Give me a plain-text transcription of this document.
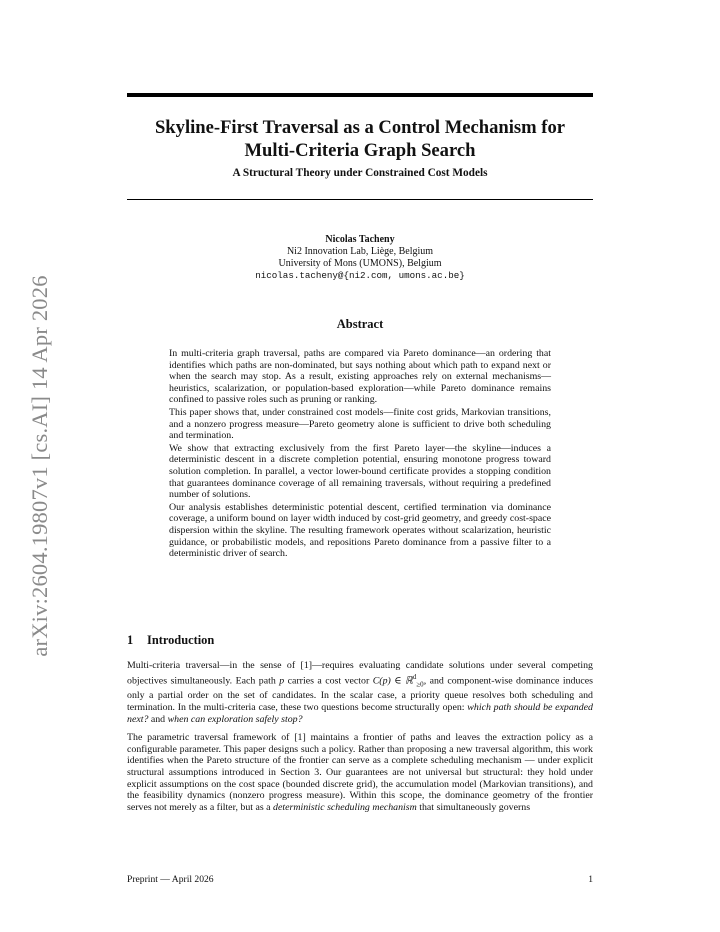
arXiv:2604.19807v1 [cs.AI] 14 Apr 2026
Skyline-First Traversal as a Control Mechanism for
Multi-Criteria Graph Search
A Structural Theory under Constrained Cost Models
Nicolas Tacheny
Ni2 Innovation Lab, Liège, Belgium
University of Mons (UMONS), Belgium
nicolas.tacheny@{ni2.com, umons.ac.be}
Abstract

In multi-criteria graph traversal, paths are compared via Pareto dominance—an ordering that identifies which paths are non-dominated, but says nothing about which path to expand next or when the search may stop. As a result, existing approaches rely on external mechanisms—heuristics, scalarization, or population-based exploration—while Pareto dominance remains confined to passive roles such as pruning or ranking.

This paper shows that, under constrained cost models—finite cost grids, Markovian transitions, and a nonzero progress measure—Pareto geometry alone is sufficient to drive both scheduling and termination.

We show that extracting exclusively from the first Pareto layer—the skyline—induces a deterministic descent in a discrete completion potential, ensuring monotone progress toward solution completion. In parallel, a vector lower-bound certificate provides a stopping condition that guarantees dominance coverage of all remaining traversals, without requiring a predefined number of solutions.

Our analysis establishes deterministic potential descent, certified termination via dominance coverage, a uniform bound on layer width induced by cost-grid geometry, and greedy cost-space dispersion within the skyline. The resulting framework operates without scalarization, heuristic guidance, or probabilistic models, and repositions Pareto dominance from a passive filter to a deterministic driver of search.

1 Introduction

Multi-criteria traversal—in the sense of [1]—requires evaluating candidate solutions under several competing objectives simultaneously. Each path p carries a cost vector C(p) ∈ ℝ$^d_{\ge 0}$, and component-wise dominance induces only a partial order on the set of candidates. In the scalar case, a priority queue resolves both scheduling and termination. In the multi-criteria case, these two questions become structurally open: which path should be expanded next? and when can exploration safely stop?

The parametric traversal framework of [1] maintains a frontier of paths and leaves the extraction policy as a configurable parameter. This paper designs such a policy. Rather than proposing a new traversal algorithm, this work identifies when the Pareto structure of the frontier can serve as a complete scheduling mechanism — under explicit structural assumptions introduced in Section 3. Our guarantees are not universal but structural: they hold under explicit assumptions on the cost space (bounded discrete grid), the accumulation model (Markovian transitions), and the feasibility dynamics (nonzero progress measure). Within this scope, the dominance geometry of the frontier serves not merely as a filter, but as a deterministic scheduling mechanism that simultaneously governs

Preprint — April 2026	1
